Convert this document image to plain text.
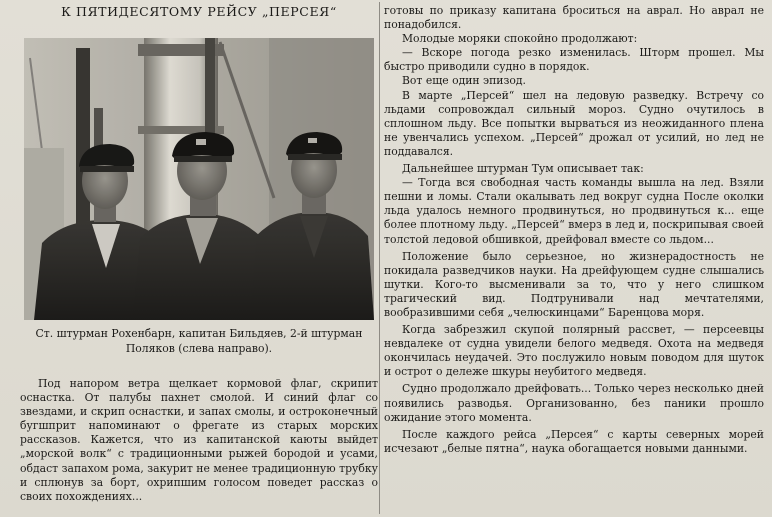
К ПЯТИДЕСЯТОМУ РЕЙСУ „ПЕРСЕЯ“
Ст. штурман Рохенбарн, капитан Бильдяев, 2-й штурман Поляков (слева направо).

Под напором ветра щелкает кормовой флаг, скрипит оснастка. От палубы пахнет смолой. И синий флаг со звездами, и скрип оснастки, и запах смолы, и остроконечный бугшприт напоминают о фрегате из старых морских рассказов. Кажется, что из капитанской каюты выйдет „морской волк“ с традиционными рыжей бородой и усами, обдаст запахом рома, закурит не менее традиционную трубку и сплюнув за борт, охрипшим голосом поведет рассказ о своих похождениях...

готовы по приказу капитана броситься на аврал. Но аврал не понадобился.

Молодые моряки спокойно продолжают:

— Вскоре погода резко изменилась. Шторм прошел. Мы быстро приводили судно в порядок.

Вот еще один эпизод.

В марте „Персей“ шел на ледовую разведку. Встречу со льдами сопровождал сильный мороз. Судно очутилось в сплошном льду. Все попытки вырваться из неожиданного плена не увенчались успехом. „Персей“ дрожал от усилий, но лед не поддавался.

Дальнейшее штурман Тум описывает так:

— Тогда вся свободная часть команды вышла на лед. Взяли пешни и ломы. Стали окалывать лед вокруг судна После околки льда удалось немного продвинуться, но продвинуться к... еще более плотному льду. „Персей“ вмерз в лед и, поскрипывая своей толстой ледовой обшивкой, дрейфовал вместе со льдом...

Положение было серьезное, но жизнерадостность не покидала разведчиков науки. На дрейфующем судне слышались шутки. Кого-то высменивали за то, что у него слишком трагический вид. Подтрунивали над мечтателями, вообразившими себя „челюскинцами“ Баренцова моря.

Когда забрезжил скупой полярный рассвет, — персеевцы невдалеке от судна увидели белого медведя. Охота на медведя окончилась неудачей. Это послужило новым поводом для шуток и острот о дележе шкуры неубитого медведя.

Судно продолжало дрейфовать... Только через несколько дней появились разводья. Организованно, без паники прошло ожидание этого момента.

После каждого рейса „Персея“ с карты северных морей исчезают „белые пятна“, наука обогащается новыми данными.
